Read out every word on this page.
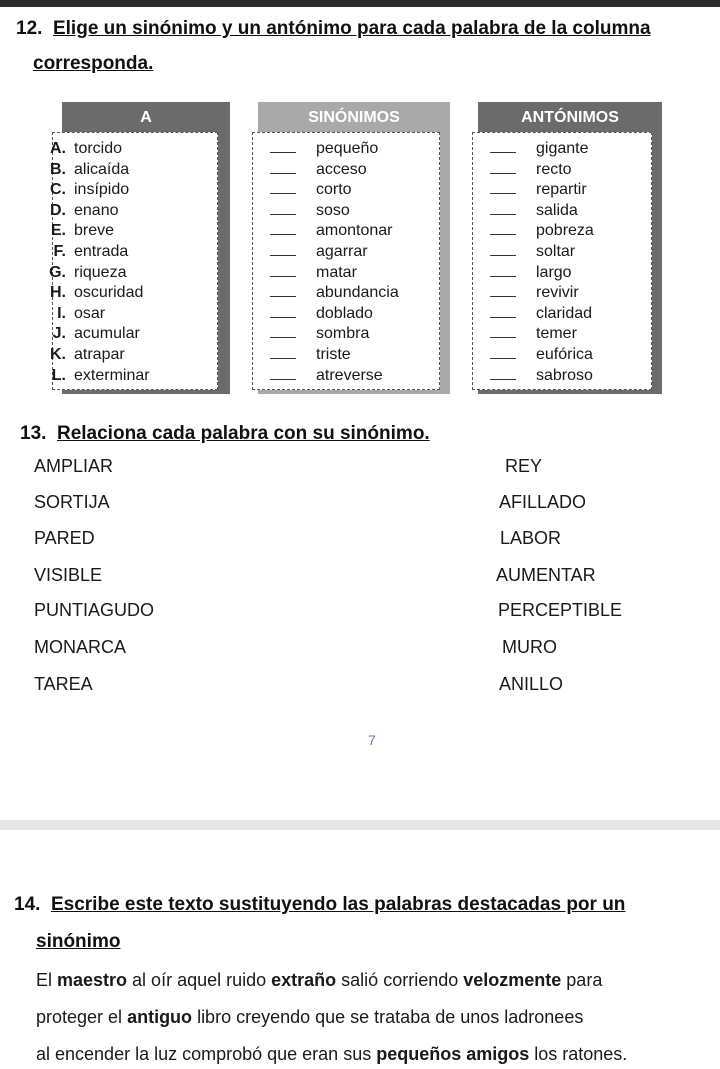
12. Elige un sinónimo y un antónimo para cada palabra de la columna
corresponda.
A	SINÓNIMOS	ANTÓNIMOS
A. torcido
B. alicaída
C. insípido
D. enano
E. breve
F. entrada
G. riqueza
H. oscuridad
I. osar
J. acumular
K. atrapar
L. exterminar
pequeño
acceso
corto
soso
amontonar
agarrar
matar
abundancia
doblado
sombra
triste
atreverse
gigante
recto
repartir
salida
pobreza
soltar
largo
revivir
claridad
temer
eufórica
sabroso
13. Relaciona cada palabra con su sinónimo.
AMPLIAR	REY
SORTIJA	AFILLADO
PARED	LABOR
VISIBLE	AUMENTAR
PUNTIAGUDO	PERCEPTIBLE
MONARCA	MURO
TAREA	ANILLO
7
14. Escribe este texto sustituyendo las palabras destacadas por un
sinónimo
El maestro al oír aquel ruido extraño salió corriendo velozmente para
proteger el antiguo libro creyendo que se trataba de unos ladronees
al encender la luz comprobó que eran sus pequeños amigos los ratones.
